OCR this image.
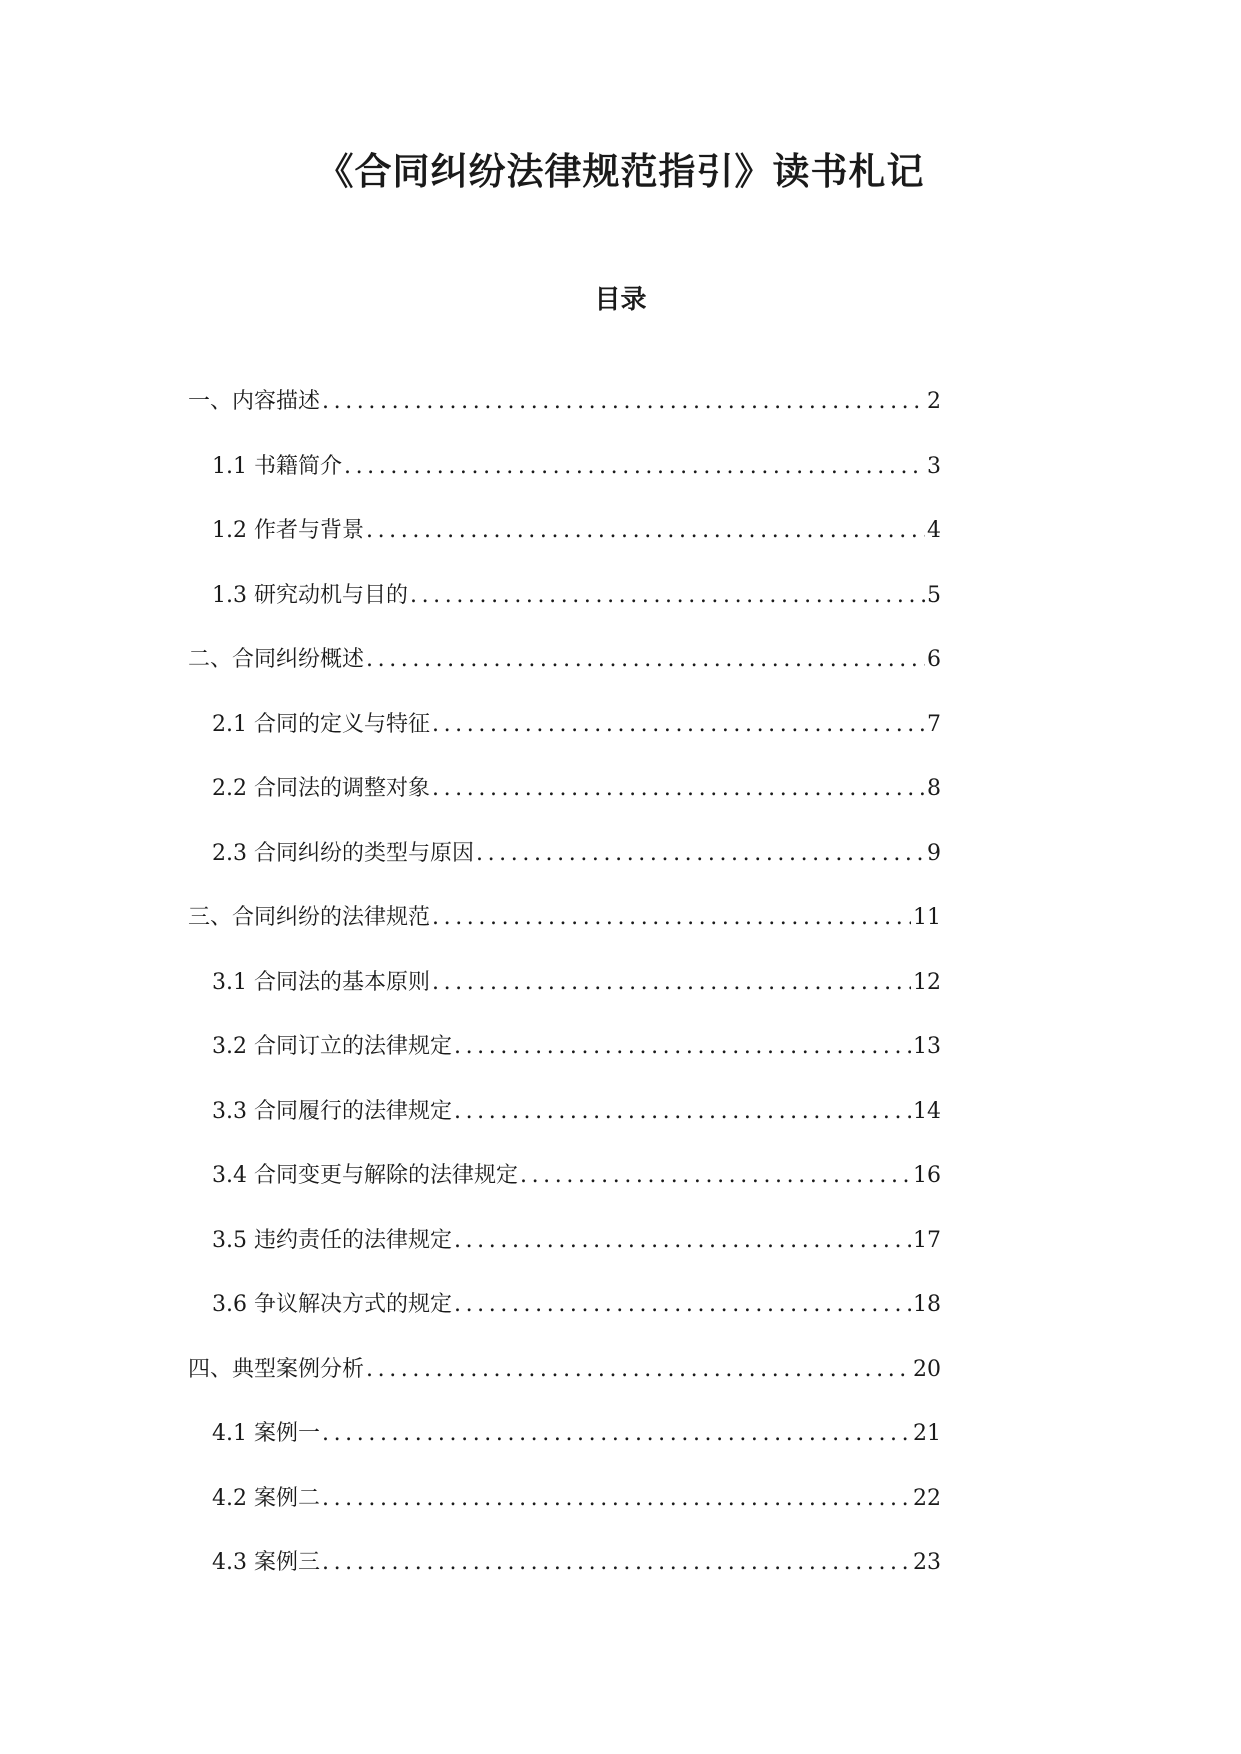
《合同纠纷法律规范指引》读书札记
目录
一、内容描述 .....	2
1.1 书籍简介 .....	3
1.2 作者与背景 .....	4
1.3 研究动机与目的 .....	5
二、合同纠纷概述 .....	6
2.1 合同的定义与特征 .....	7
2.2 合同法的调整对象 .....	8
2.3 合同纠纷的类型与原因 .....	9
三、合同纠纷的法律规范 .....	11
3.1 合同法的基本原则 .....	12
3.2 合同订立的法律规定 .....	13
3.3 合同履行的法律规定 .....	14
3.4 合同变更与解除的法律规定 .....	16
3.5 违约责任的法律规定 .....	17
3.6 争议解决方式的规定 .....	18
四、典型案例分析 .....	20
4.1 案例一 .....	21
4.2 案例二 .....	22
4.3 案例三 .....	23
